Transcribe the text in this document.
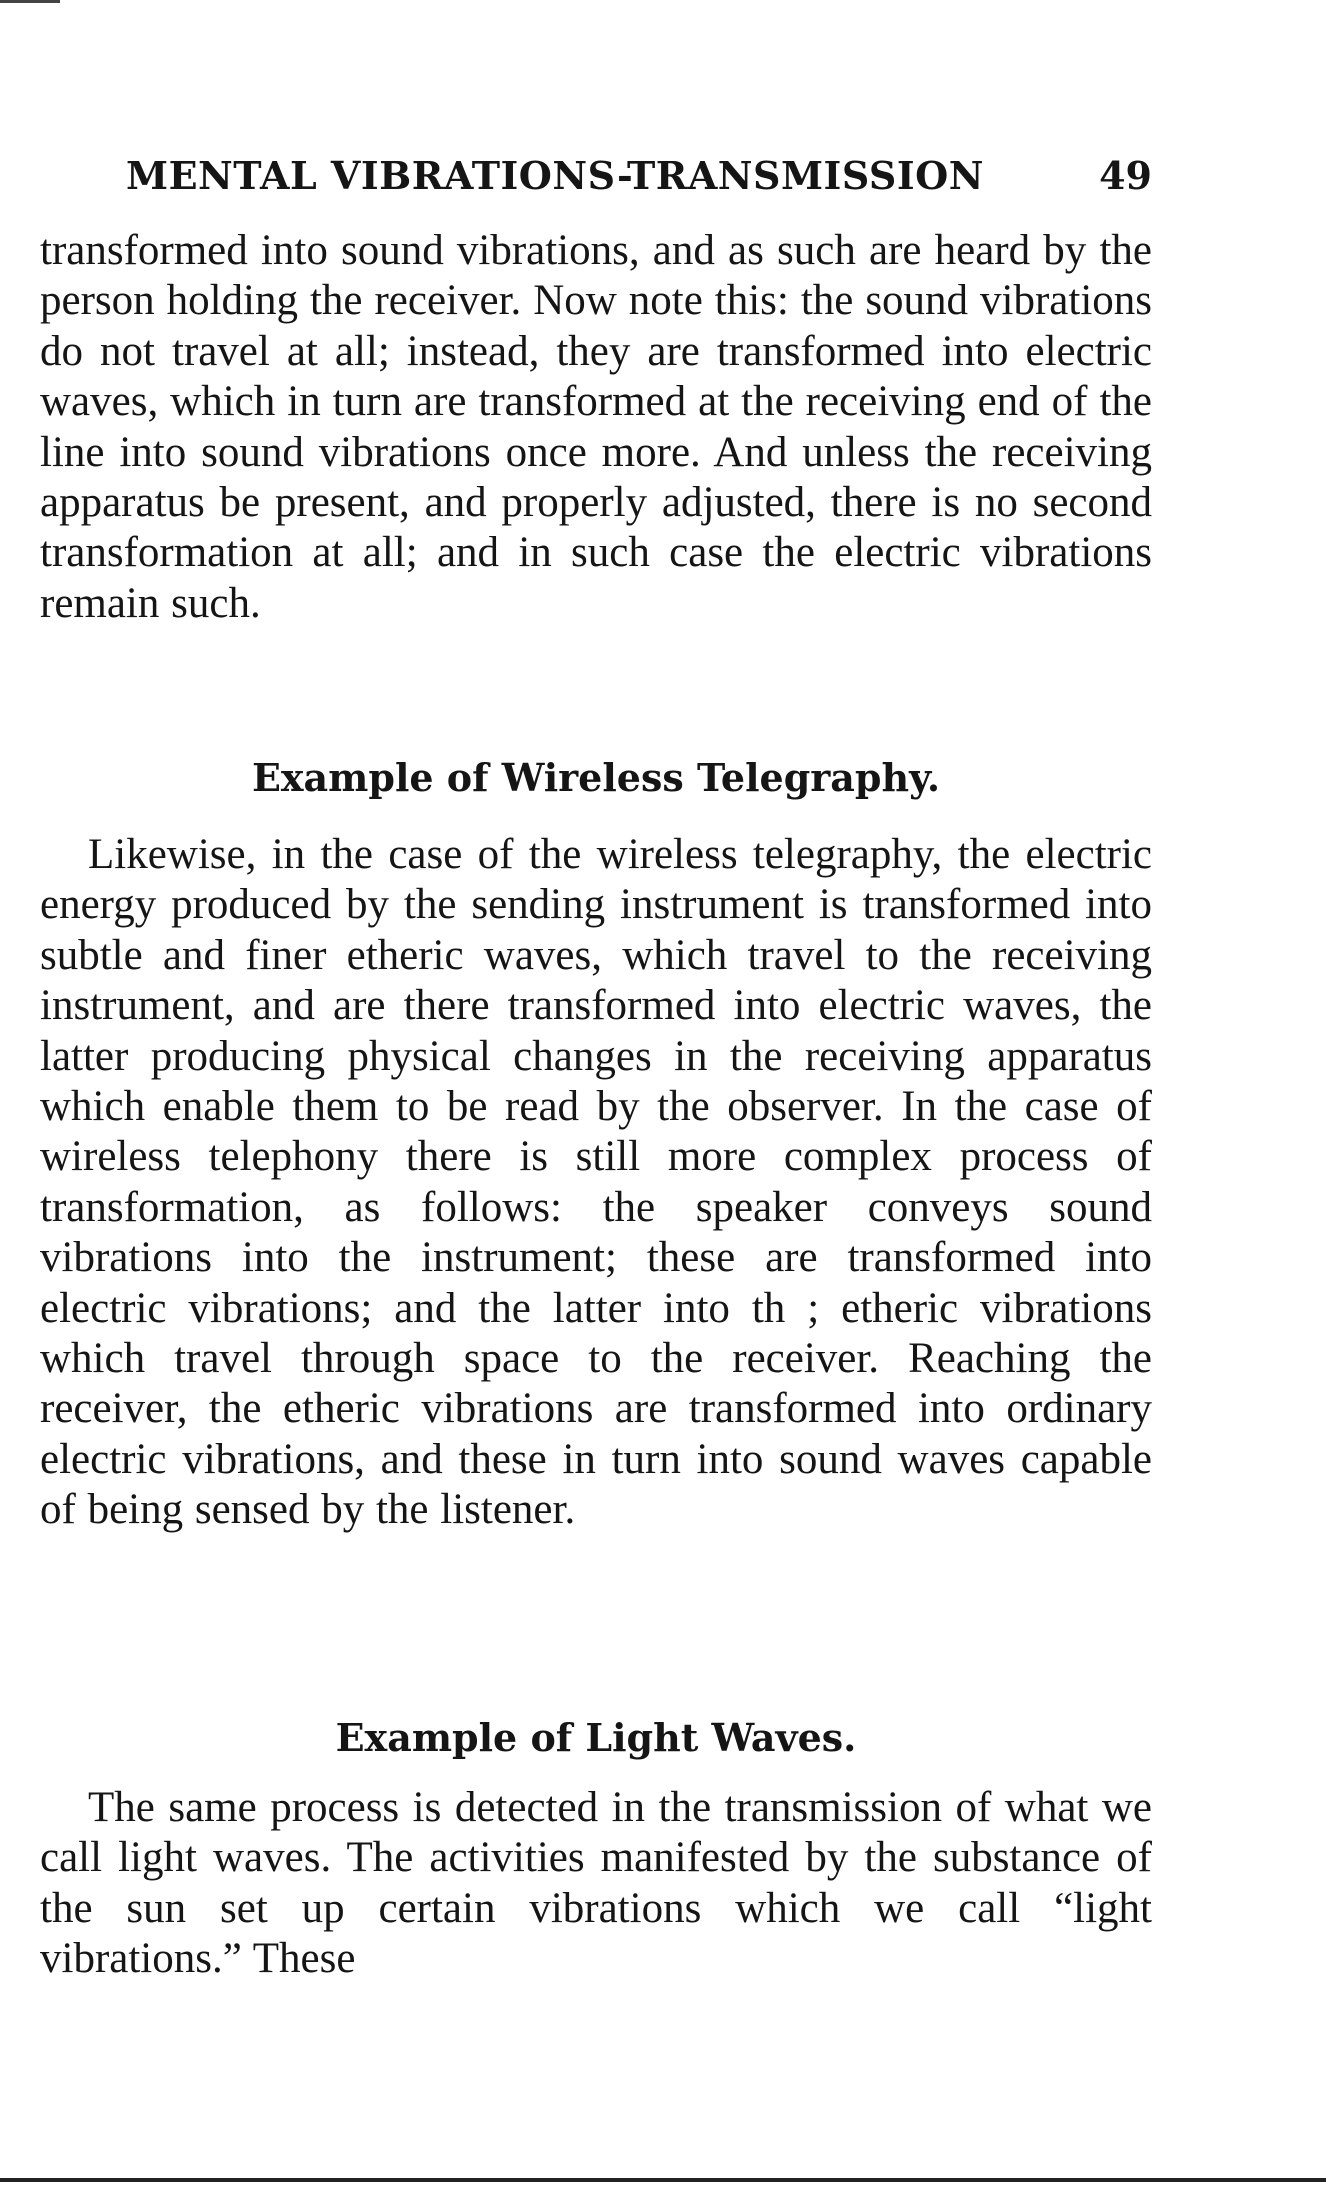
MENTAL VIBRATIONS-TRANSMISSION	49

transformed into sound vibrations, and as such are heard by the person holding the receiver. Now note this: the sound vibrations do not travel at all; instead, they are transformed into electric waves, which in turn are transformed at the receiving end of the line into sound vibrations once more. And unless the receiving apparatus be present, and properly adjusted, there is no second transformation at all; and in such case the electric vibrations remain such.

Example of Wireless Telegraphy.

Likewise, in the case of the wireless telegraphy, the electric energy produced by the sending instrument is transformed into subtle and finer etheric waves, which travel to the receiving instrument, and are there transformed into electric waves, the latter producing physical changes in the receiving apparatus which enable them to be read by the observer. In the case of wireless telephony there is still more complex process of transformation, as follows: the speaker conveys sound vibrations into the instrument; these are transformed into electric vibrations; and the latter into th ; etheric vibrations which travel through space to the receiver. Reaching the receiver, the etheric vibrations are transformed into ordinary electric vibrations, and these in turn into sound waves capable of being sensed by the listener.

Example of Light Waves.

The same process is detected in the transmission of what we call light waves. The activities manifested by the substance of the sun set up certain vibrations which we call “light vibrations.” These
